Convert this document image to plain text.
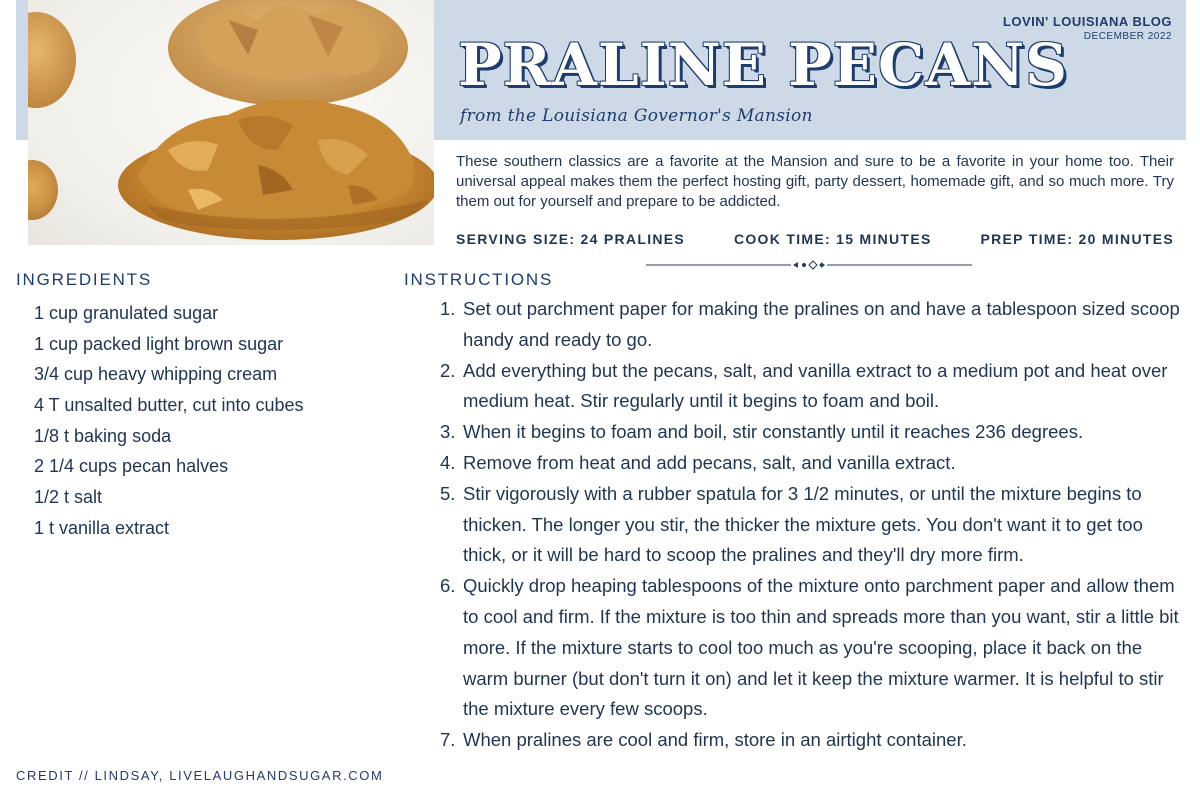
LOVIN' LOUISIANA BLOG
DECEMBER 2022
PRALINE PECANS
from the Louisiana Governor's Mansion

These southern classics are a favorite at the Mansion and sure to be a favorite in your home too. Their universal appeal makes them the perfect hosting gift, party dessert, homemade gift, and so much more. Try them out for yourself and prepare to be addicted.

SERVING SIZE: 24 PRALINES	COOK TIME: 15 MINUTES	PREP TIME: 20 MINUTES
INGREDIENTS
1 cup granulated sugar
1 cup packed light brown sugar
3/4 cup heavy whipping cream
4 T unsalted butter, cut into cubes
1/8 t baking soda
2 1/4 cups pecan halves
1/2 t salt
1 t vanilla extract
INSTRUCTIONS
1. Set out parchment paper for making the pralines on and have a tablespoon sized scoop handy and ready to go.
2. Add everything but the pecans, salt, and vanilla extract to a medium pot and heat over medium heat. Stir regularly until it begins to foam and boil.
3. When it begins to foam and boil, stir constantly until it reaches 236 degrees.
4. Remove from heat and add pecans, salt, and vanilla extract.
5. Stir vigorously with a rubber spatula for 3 1/2 minutes, or until the mixture begins to thicken. The longer you stir, the thicker the mixture gets. You don't want it to get too thick, or it will be hard to scoop the pralines and they'll dry more firm.
6. Quickly drop heaping tablespoons of the mixture onto parchment paper and allow them to cool and firm. If the mixture is too thin and spreads more than you want, stir a little bit more. If the mixture starts to cool too much as you're scooping, place it back on the warm burner (but don't turn it on) and let it keep the mixture warmer. It is helpful to stir the mixture every few scoops.
7. When pralines are cool and firm, store in an airtight container.
CREDIT // LINDSAY, LIVELAUGHANDSUGAR.COM
